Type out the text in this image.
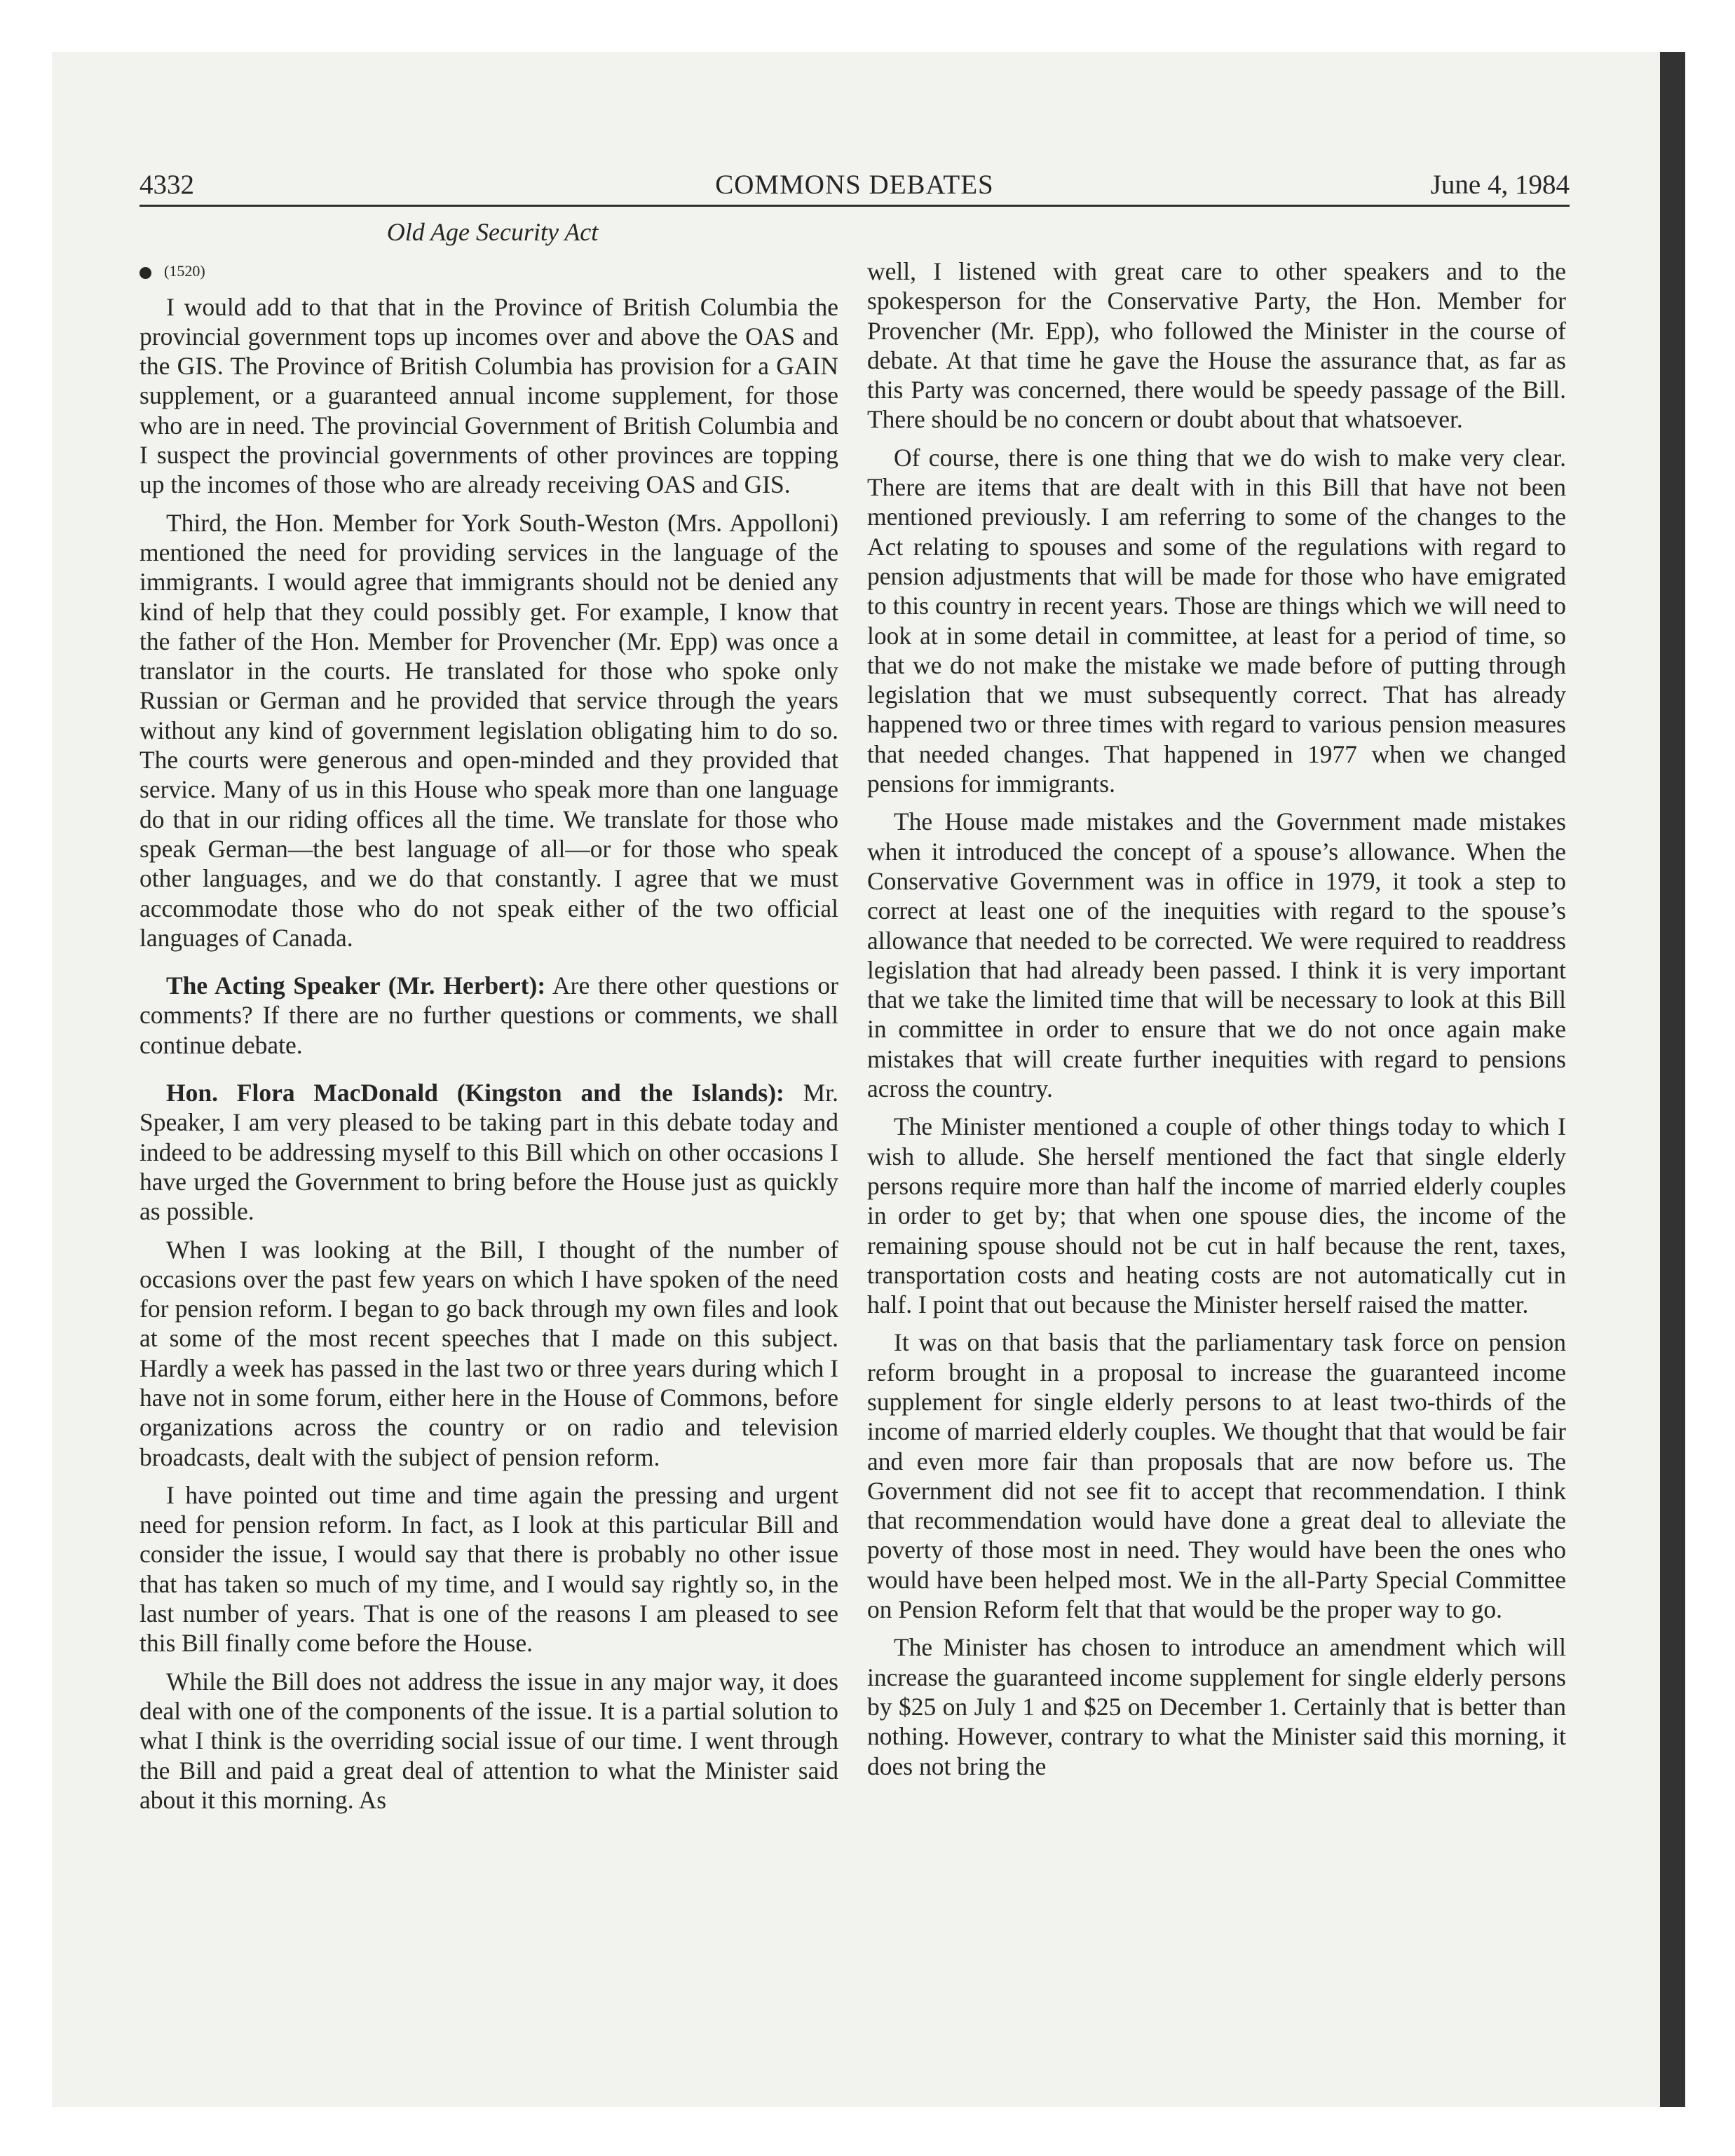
4332	COMMONS DEBATES	June 4, 1984
Old Age Security Act
(1520)

I would add to that that in the Province of British Columbia the provincial government tops up incomes over and above the OAS and the GIS. The Province of British Columbia has provision for a GAIN supplement, or a guaranteed annual income supplement, for those who are in need. The provincial Government of British Columbia and I suspect the provincial governments of other provinces are topping up the incomes of those who are already receiving OAS and GIS.

Third, the Hon. Member for York South-Weston (Mrs. Appolloni) mentioned the need for providing services in the language of the immigrants. I would agree that immigrants should not be denied any kind of help that they could possibly get. For example, I know that the father of the Hon. Member for Provencher (Mr. Epp) was once a translator in the courts. He translated for those who spoke only Russian or German and he provided that service through the years without any kind of government legislation obligating him to do so. The courts were generous and open-minded and they provided that service. Many of us in this House who speak more than one language do that in our riding offices all the time. We translate for those who speak German—the best language of all—or for those who speak other languages, and we do that constantly. I agree that we must accommodate those who do not speak either of the two official languages of Canada.

The Acting Speaker (Mr. Herbert): Are there other questions or comments? If there are no further questions or comments, we shall continue debate.

Hon. Flora MacDonald (Kingston and the Islands): Mr. Speaker, I am very pleased to be taking part in this debate today and indeed to be addressing myself to this Bill which on other occasions I have urged the Government to bring before the House just as quickly as possible.

When I was looking at the Bill, I thought of the number of occasions over the past few years on which I have spoken of the need for pension reform. I began to go back through my own files and look at some of the most recent speeches that I made on this subject. Hardly a week has passed in the last two or three years during which I have not in some forum, either here in the House of Commons, before organizations across the country or on radio and television broadcasts, dealt with the subject of pension reform.

I have pointed out time and time again the pressing and urgent need for pension reform. In fact, as I look at this particular Bill and consider the issue, I would say that there is probably no other issue that has taken so much of my time, and I would say rightly so, in the last number of years. That is one of the reasons I am pleased to see this Bill finally come before the House.

While the Bill does not address the issue in any major way, it does deal with one of the components of the issue. It is a partial solution to what I think is the overriding social issue of our time. I went through the Bill and paid a great deal of attention to what the Minister said about it this morning. As

well, I listened with great care to other speakers and to the spokesperson for the Conservative Party, the Hon. Member for Provencher (Mr. Epp), who followed the Minister in the course of debate. At that time he gave the House the assurance that, as far as this Party was concerned, there would be speedy passage of the Bill. There should be no concern or doubt about that whatsoever.

Of course, there is one thing that we do wish to make very clear. There are items that are dealt with in this Bill that have not been mentioned previously. I am referring to some of the changes to the Act relating to spouses and some of the regulations with regard to pension adjustments that will be made for those who have emigrated to this country in recent years. Those are things which we will need to look at in some detail in committee, at least for a period of time, so that we do not make the mistake we made before of putting through legislation that we must subsequently correct. That has already happened two or three times with regard to various pension measures that needed changes. That happened in 1977 when we changed pensions for immigrants.

The House made mistakes and the Government made mistakes when it introduced the concept of a spouse’s allowance. When the Conservative Government was in office in 1979, it took a step to correct at least one of the inequities with regard to the spouse’s allowance that needed to be corrected. We were required to readdress legislation that had already been passed. I think it is very important that we take the limited time that will be necessary to look at this Bill in committee in order to ensure that we do not once again make mistakes that will create further inequities with regard to pensions across the country.

The Minister mentioned a couple of other things today to which I wish to allude. She herself mentioned the fact that single elderly persons require more than half the income of married elderly couples in order to get by; that when one spouse dies, the income of the remaining spouse should not be cut in half because the rent, taxes, transportation costs and heating costs are not automatically cut in half. I point that out because the Minister herself raised the matter.

It was on that basis that the parliamentary task force on pension reform brought in a proposal to increase the guaranteed income supplement for single elderly persons to at least two-thirds of the income of married elderly couples. We thought that that would be fair and even more fair than proposals that are now before us. The Government did not see fit to accept that recommendation. I think that recommendation would have done a great deal to alleviate the poverty of those most in need. They would have been the ones who would have been helped most. We in the all-Party Special Committee on Pension Reform felt that that would be the proper way to go.

The Minister has chosen to introduce an amendment which will increase the guaranteed income supplement for single elderly persons by $25 on July 1 and $25 on December 1. Certainly that is better than nothing. However, contrary to what the Minister said this morning, it does not bring the
